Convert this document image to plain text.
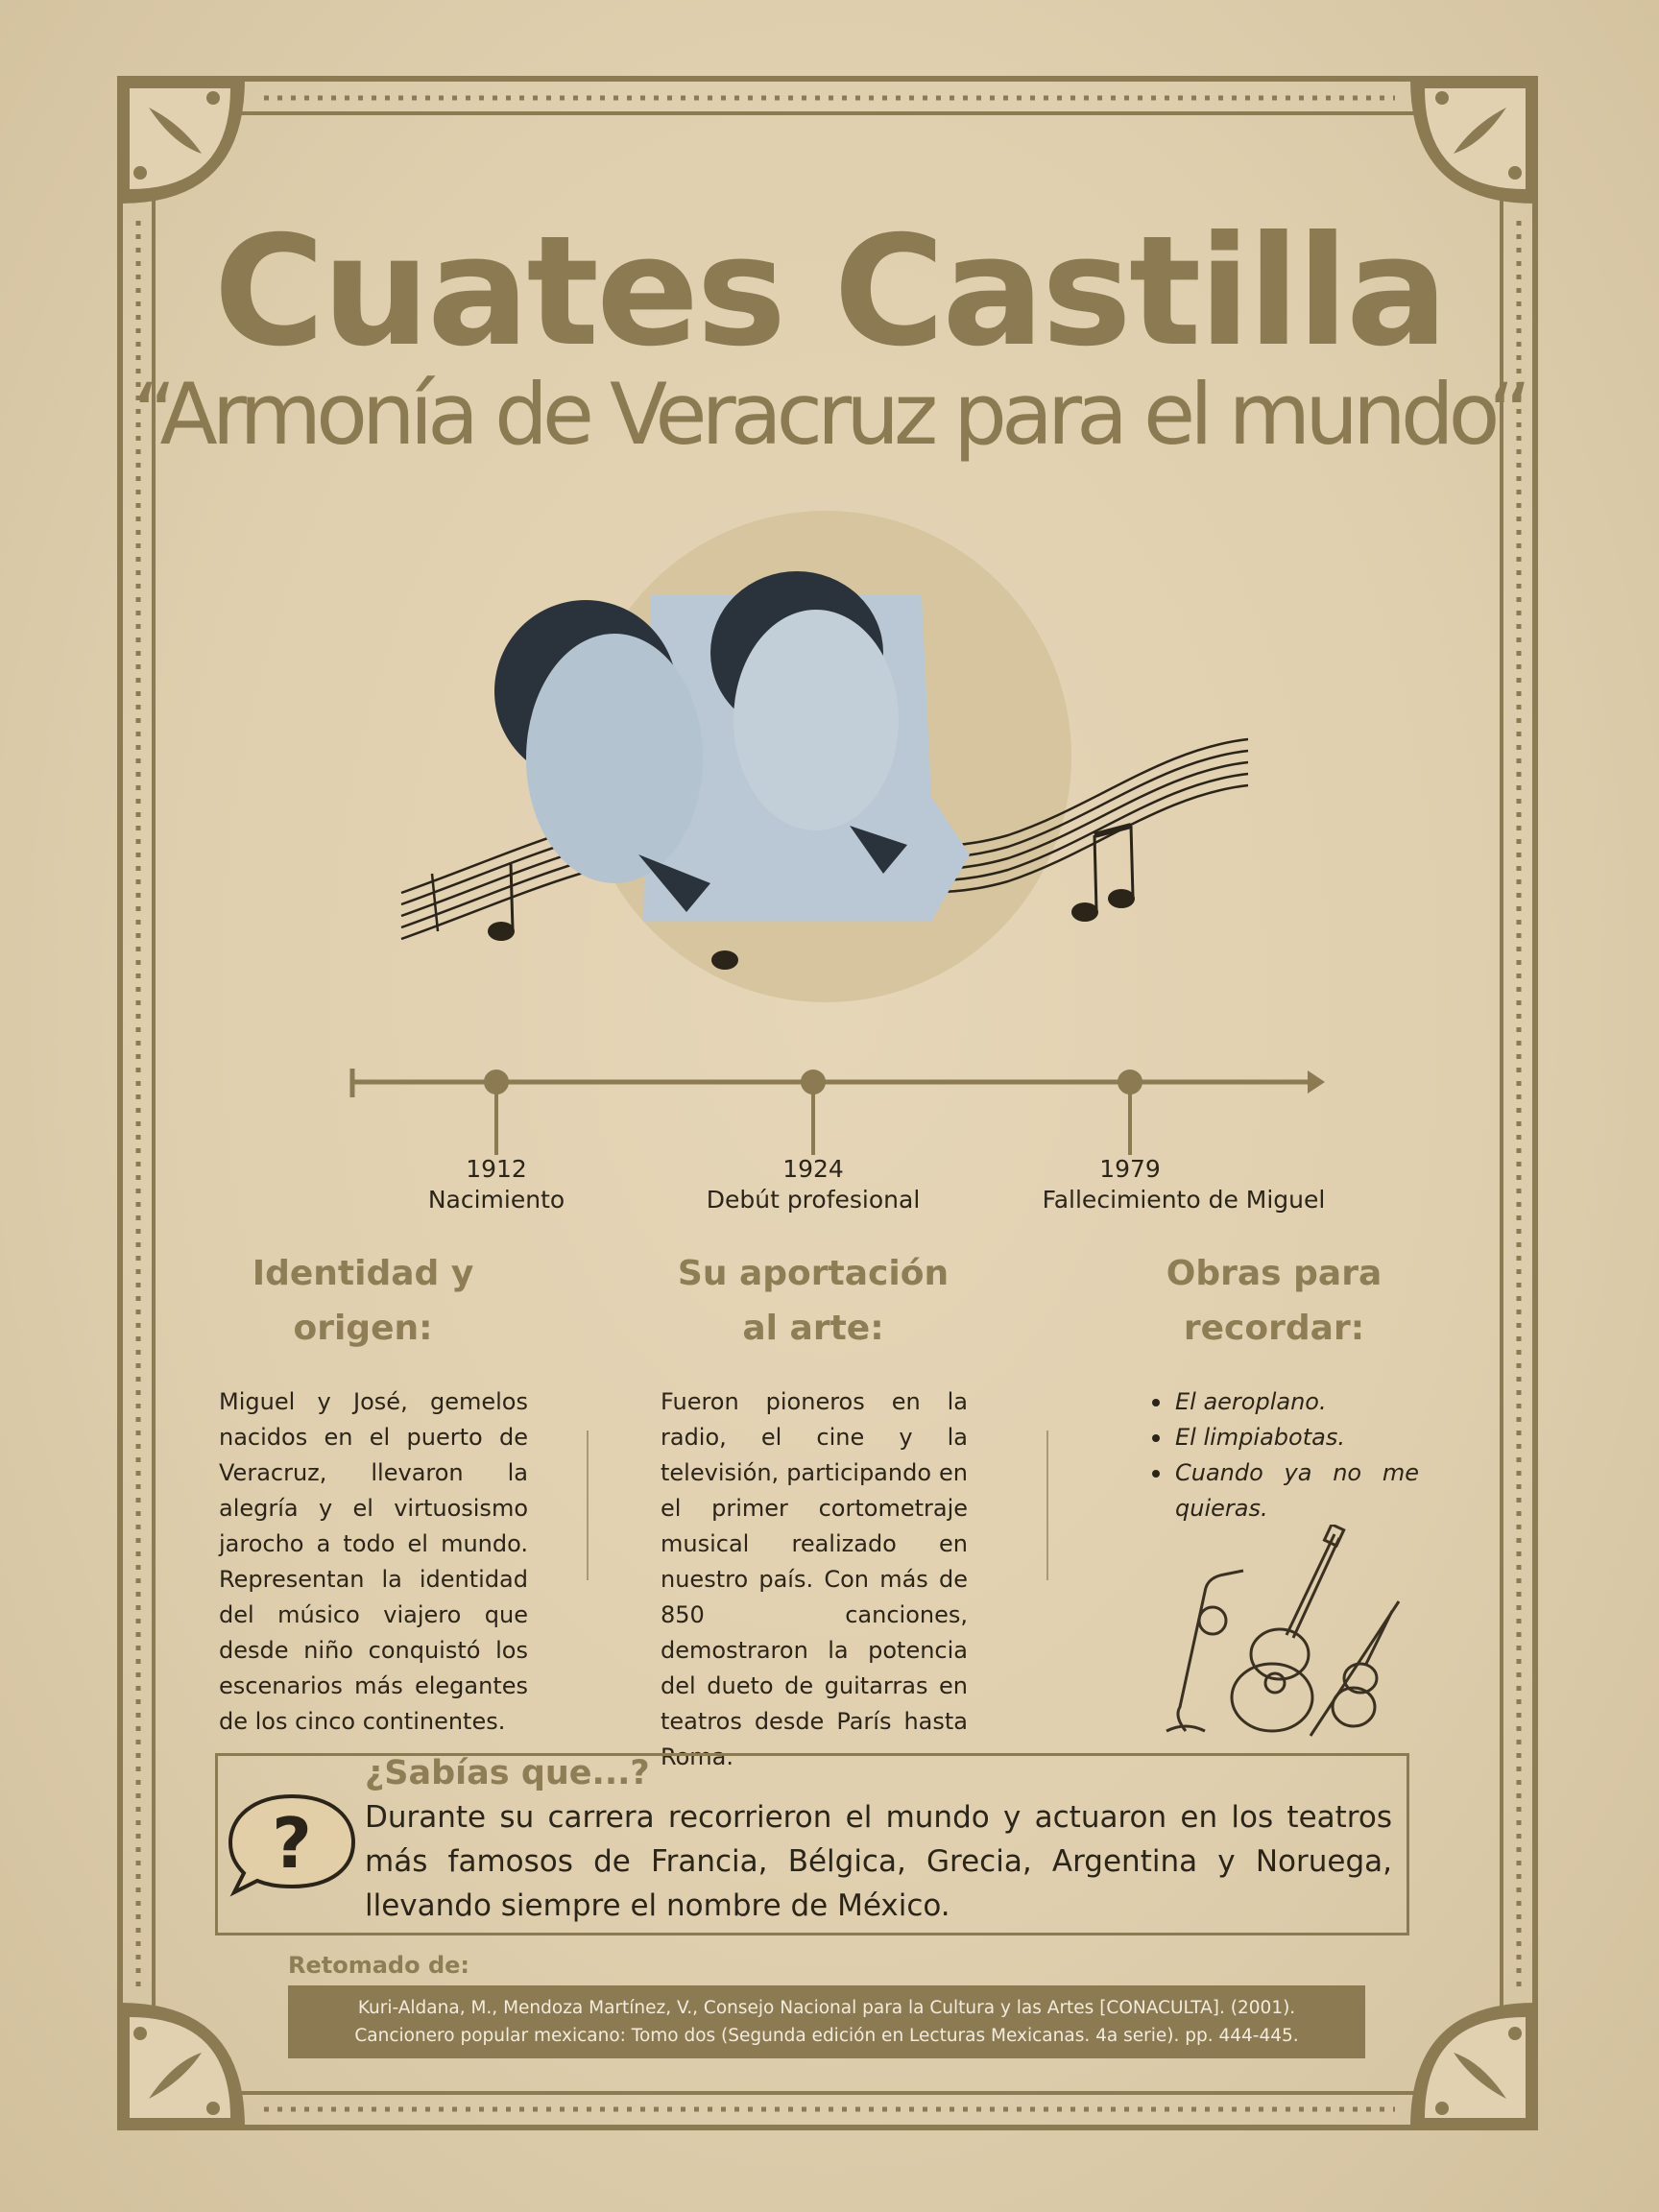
Cuates Castilla
“Armonía de Veracruz para el mundo“
1912
Nacimiento
1924
Debút profesional
1979
Fallecimiento de Miguel
Identidad y
origen:
Miguel y José, gemelos nacidos en el puerto de Veracruz, llevaron la alegría y el virtuosismo jarocho a todo el mundo. Representan la identidad del músico viajero que desde niño conquistó los escenarios más elegantes de los cinco continentes.
Su aportación
al arte:
Fueron pioneros en la radio, el cine y la televisión, participando en el primer cortometraje musical realizado en nuestro país. Con más de 850 canciones, demostraron la potencia del dueto de guitarras en teatros desde París hasta Roma.
Obras para
recordar:
El aeroplano.
El limpiabotas.
Cuando ya no me quieras.
?
¿Sabías que...?
Durante su carrera recorrieron el mundo y actuaron en los teatros más famosos de Francia, Bélgica, Grecia, Argentina y Noruega, llevando siempre el nombre de México.
Retomado de:
Kuri-Aldana, M., Mendoza Martínez, V., Consejo Nacional para la Cultura y las Artes [CONACULTA]. (2001). Cancionero popular mexicano: Tomo dos (Segunda edición en Lecturas Mexicanas. 4a serie). pp. 444-445.
